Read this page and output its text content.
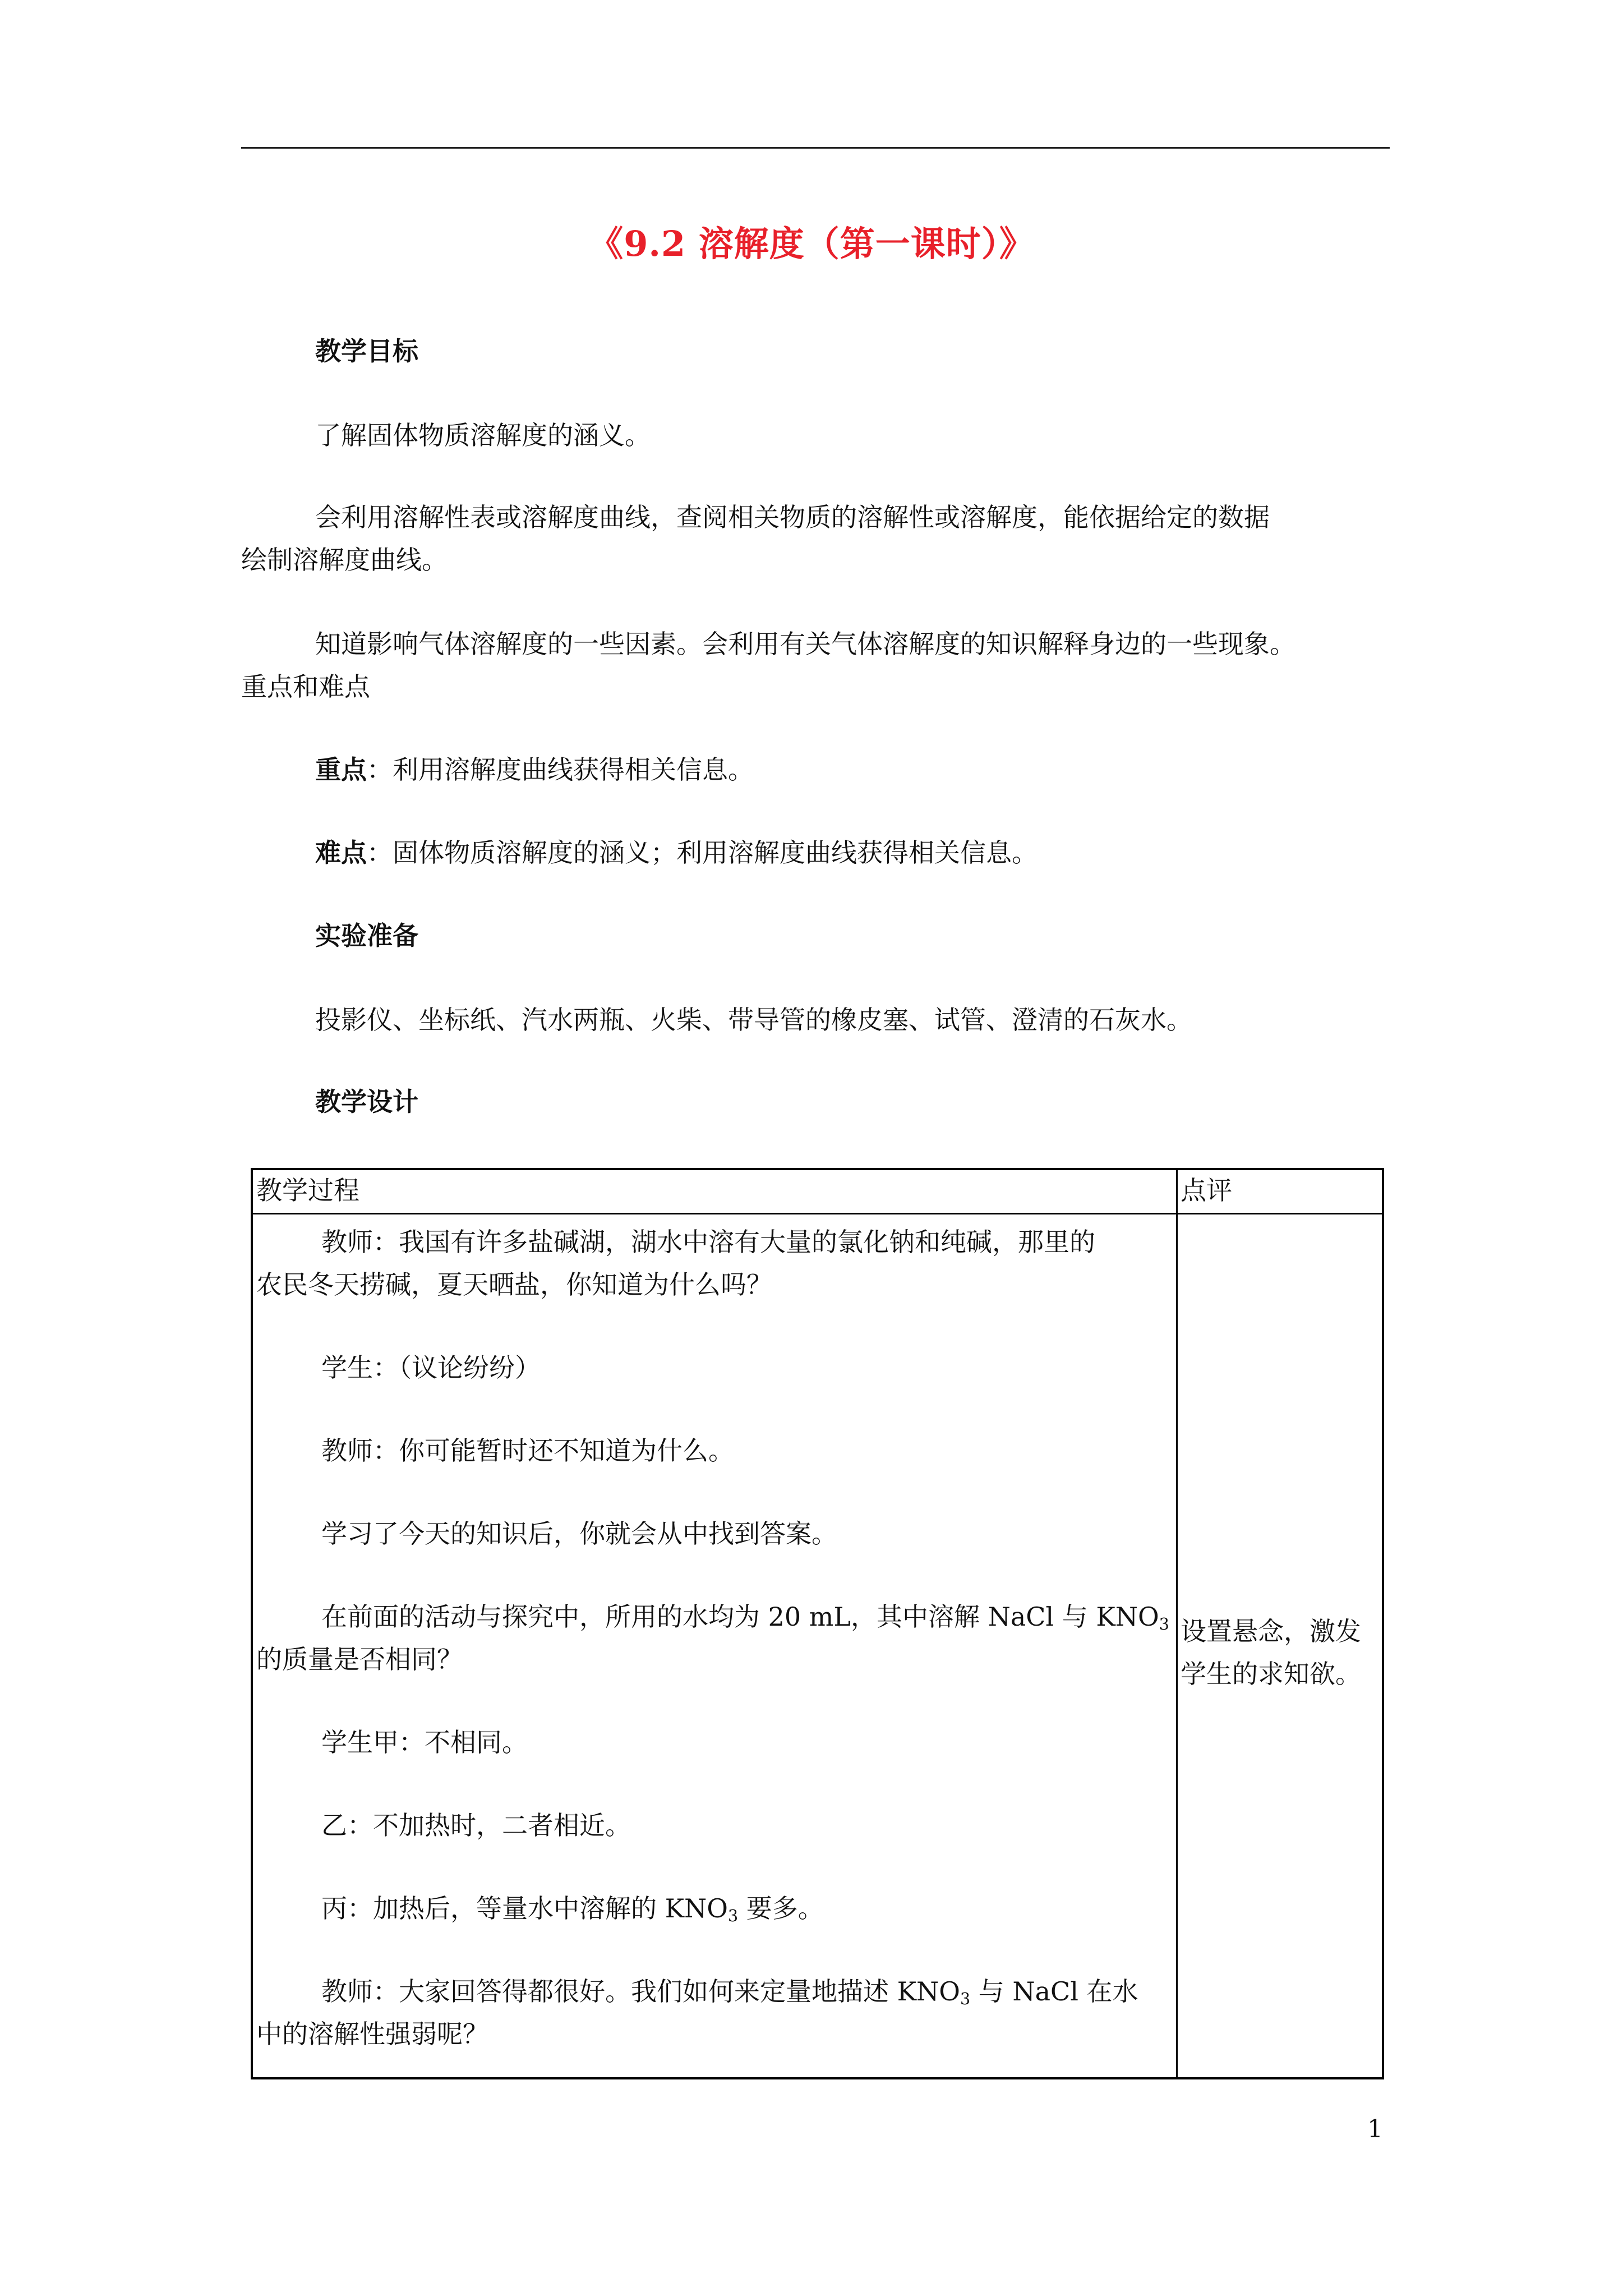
《9.2 溶解度（第一课时）》
教学目标
了解固体物质溶解度的涵义。
会利用溶解性表或溶解度曲线，查阅相关物质的溶解性或溶解度，能依据给定的数据
绘制溶解度曲线。
知道影响气体溶解度的一些因素。会利用有关气体溶解度的知识解释身边的一些现象。
重点和难点
重点：利用溶解度曲线获得相关信息。
难点：固体物质溶解度的涵义；利用溶解度曲线获得相关信息。
实验准备
投影仪、坐标纸、汽水两瓶、火柴、带导管的橡皮塞、试管、澄清的石灰水。
教学设计
教学过程	点评
教师：我国有许多盐碱湖，湖水中溶有大量的氯化钠和纯碱，那里的
农民冬天捞碱，夏天晒盐，你知道为什么吗？
学生：（议论纷纷）
教师：你可能暂时还不知道为什么。
学习了今天的知识后，你就会从中找到答案。
在前面的活动与探究中，所用的水均为 20 mL，其中溶解 NaCl 与 $KNO_3$
的质量是否相同？
学生甲：不相同。
乙：不加热时，二者相近。
丙：加热后，等量水中溶解的 $KNO_3$ 要多。
教师：大家回答得都很好。我们如何来定量地描述 $KNO_3$ 与 NaCl 在水
中的溶解性强弱呢？
设置悬念，激发
学生的求知欲。
1
